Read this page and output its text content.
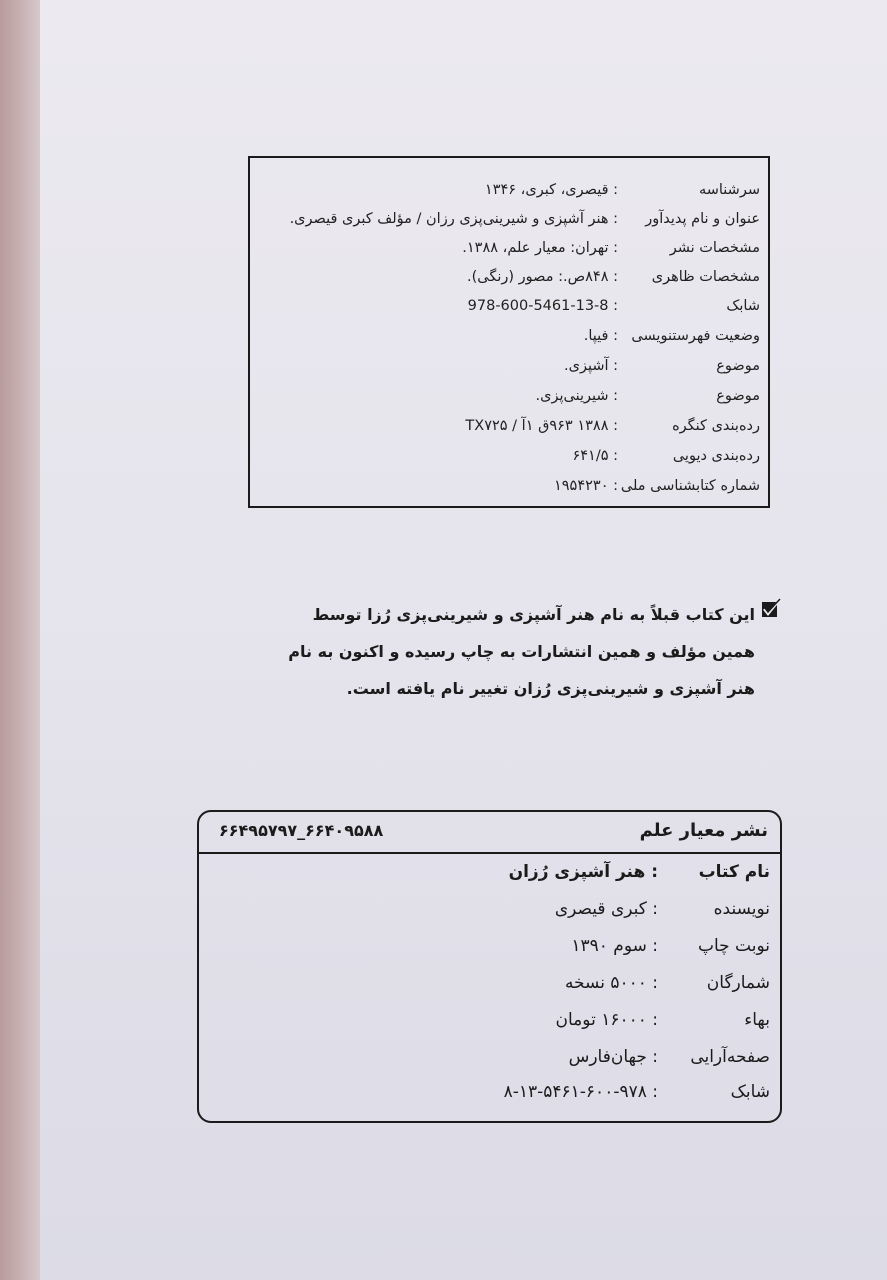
سرشناسه
: قیصری، کبری، ۱۳۴۶
عنوان و نام پدیدآور
: هنر آشپزی و شیرینی‌پزی رزان / مؤلف کبری قیصری.
مشخصات نشر
: تهران: معیار علم، ۱۳۸۸.
مشخصات ظاهری
: ۸۴۸ص.: مصور (رنگی).
شابک
: 978-600-5461-13-8
وضعیت فهرستنویسی
: فیپا.
موضوع
: آشپزی.
موضوع
: شیرینی‌پزی.
رده‌بندی کنگره
: ۱۳۸۸ ۹۶۳ق ۱آ / TX۷۲۵
رده‌بندی دیویی
: ۶۴۱/۵
شماره کتابشناسی ملی
: ۱۹۵۴۲۳۰
این کتاب قبلاً به نام هنر آشپزی و شیرینی‌پزی رُزا توسط
همین مؤلف و همین انتشارات به چاپ رسیده و اکنون به نام
هنر آشپزی و شیرینی‌پزی رُزان تغییر نام یافته است.
نشر معیار علم
۶۶۴۹۵۷۹۷_۶۶۴۰۹۵۸۸
نام کتاب
: هنر آشپزی رُزان
نویسنده
: کبری قیصری
نوبت چاپ
: سوم ۱۳۹۰
شمارگان
: ۵۰۰۰ نسخه
بهاء
: ۱۶۰۰۰ تومان
صفحه‌آرایی
: جهان‌فارس
شابک
: ۸-۱۳-۵۴۶۱-۶۰۰-۹۷۸
